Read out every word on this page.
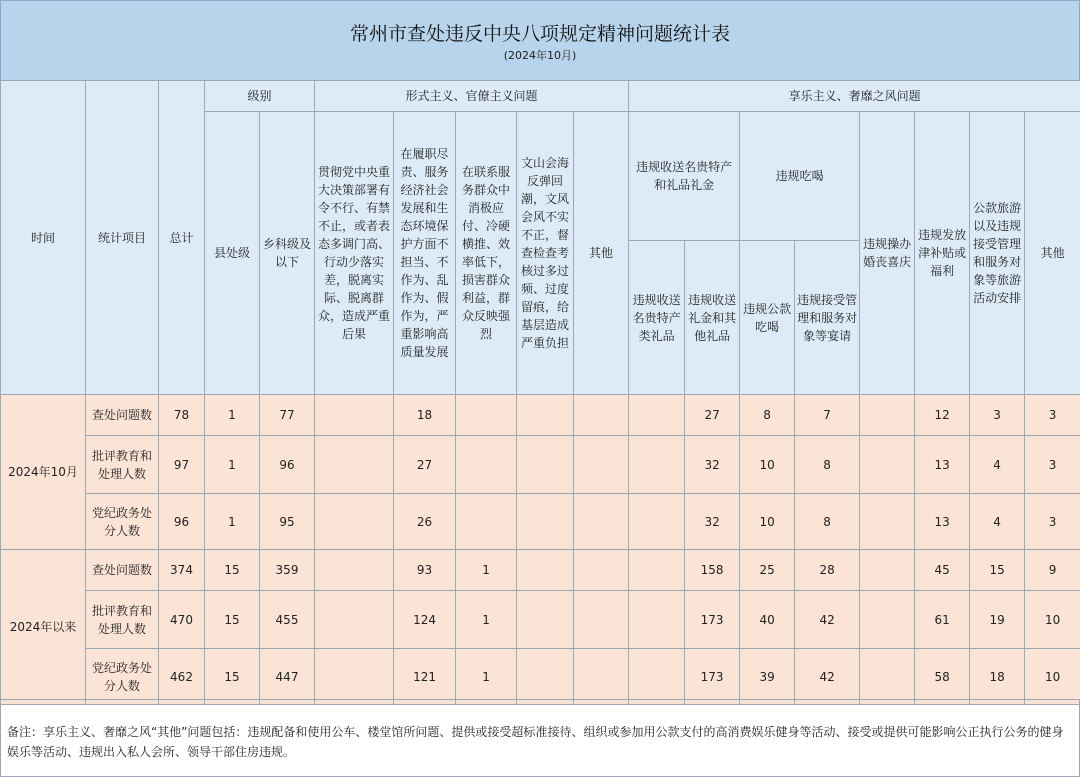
常州市查处违反中央八项规定精神问题统计表
(2024年10月)
时间	统计项目	总计	级别		形式主义、官僚主义问题					享乐主义、奢靡之风问题							
			县处级	乡科级及以下	贯彻党中央重大决策部署有令不行、有禁不止，或者表态多调门高、行动少落实差，脱离实际、脱离群众，造成严重后果	在履职尽责、服务经济社会发展和生态环境保护方面不担当、不作为、乱作为、假作为，严重影响高质量发展	在联系服务群众中消极应付、冷硬横推、效率低下，损害群众利益，群众反映强烈	文山会海反弹回潮，文风会风不实不正，督查检查考核过多过频、过度留痕，给基层造成严重负担	其他	违规收送名贵特产和礼品礼金		违规吃喝		违规操办婚丧喜庆	违规发放津补贴或福利	公款旅游以及违规接受管理和服务对象等旅游活动安排	其他
										违规收送名贵特产类礼品	违规收送礼金和其他礼品	违规公款吃喝	违规接受管理和服务对象等宴请				
2024年10月	查处问题数	78	1	77		18					27	8	7		12	3	3
	批评教育和处理人数	97	1	96		27					32	10	8		13	4	3
	党纪政务处分人数	96	1	95		26					32	10	8		13	4	3
2024年以来	查处问题数	374	15	359		93	1				158	25	28		45	15	9
	批评教育和处理人数	470	15	455		124	1				173	40	42		61	19	10
	党纪政务处分人数	462	15	447		121	1				173	39	42		58	18	10
备注：享乐主义、奢靡之风“其他”问题包括：违规配备和使用公车、楼堂馆所问题、提供或接受超标准接待、组织或参加用公款支付的高消费娱乐健身等活动、接受或提供可能影响公正执行公务的健身娱乐等活动、违规出入私人会所、领导干部住房违规。
